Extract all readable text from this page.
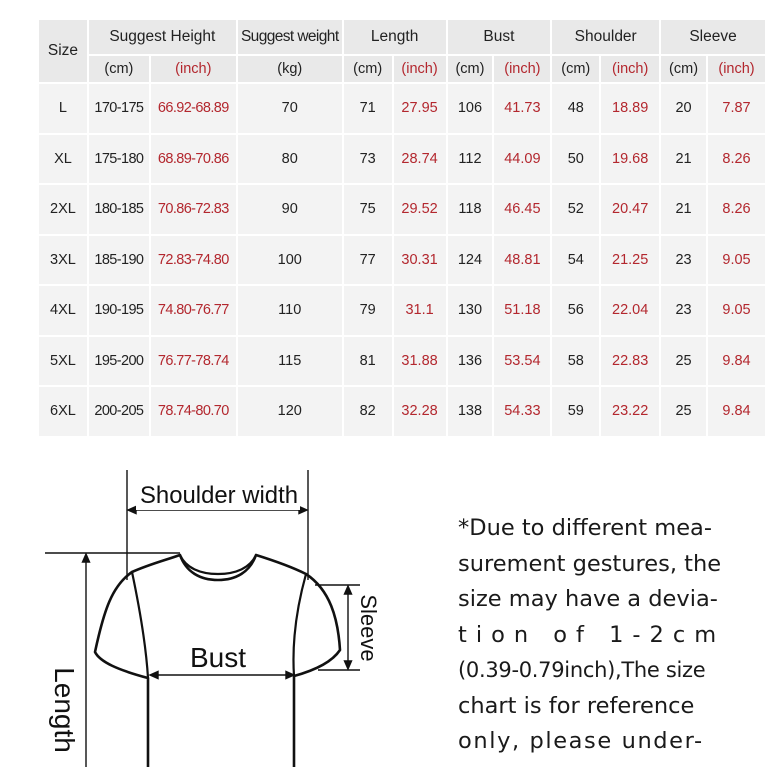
Size	Suggest Height		Suggest weight	Length		Bust		Shoulder		Sleeve	
	(cm)	(inch)	(kg)	(cm)	(inch)	(cm)	(inch)	(cm)	(inch)	(cm)	(inch)
L	170-175	66.92-68.89	70	71	27.95	106	41.73	48	18.89	20	7.87
XL	175-180	68.89-70.86	80	73	28.74	112	44.09	50	19.68	21	8.26
2XL	180-185	70.86-72.83	90	75	29.52	118	46.45	52	20.47	21	8.26
3XL	185-190	72.83-74.80	100	77	30.31	124	48.81	54	21.25	23	9.05
4XL	190-195	74.80-76.77	110	79	31.1	130	51.18	56	22.04	23	9.05
5XL	195-200	76.77-78.74	115	81	31.88	136	53.54	58	22.83	25	9.84
6XL	200-205	78.74-80.70	120	82	32.28	138	54.33	59	23.22	25	9.84
Shoulder width
Bust	Sleeve
Length

*Due to different mea-
surement gestures, the
size may have a devia-
tion of 1-2cm
(0.39-0.79inch),The size
chart is for reference
only, please under-
